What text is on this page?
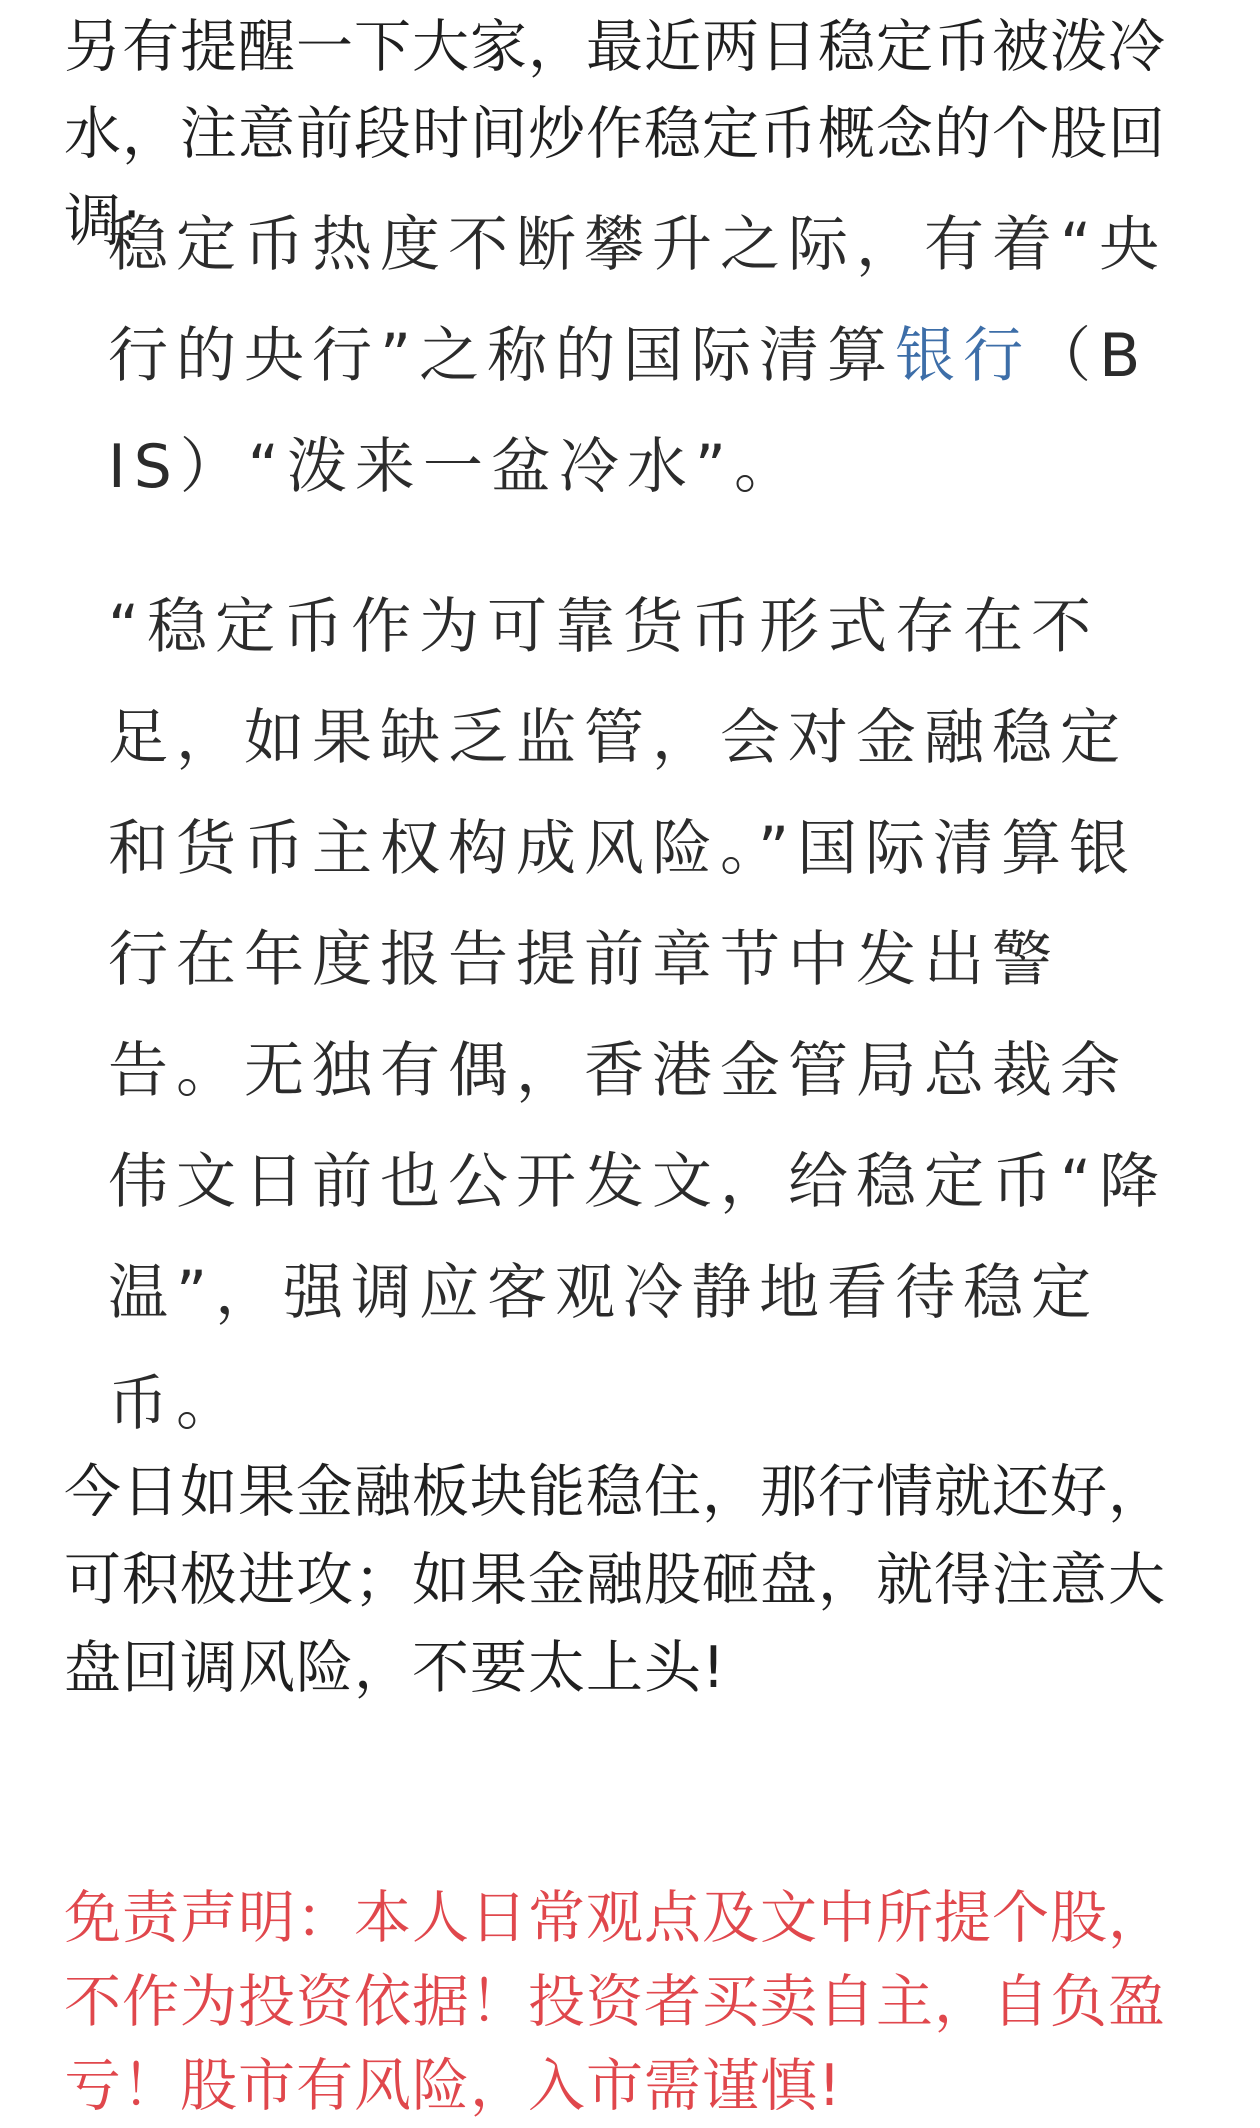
另有提醒一下大家，最近两日稳定币被泼冷水，注意前段时间炒作稳定币概念的个股回调:

稳定币热度不断攀升之际，有着“央行的央行”之称的国际清算银行（BIS）“泼来一盆冷水”。

“稳定币作为可靠货币形式存在不足，如果缺乏监管，会对金融稳定和货币主权构成风险。”国际清算银行在年度报告提前章节中发出警告。无独有偶，香港金管局总裁余伟文日前也公开发文，给稳定币“降温”，强调应客观冷静地看待稳定币。

今日如果金融板块能稳住，那行情就还好，可积极进攻；如果金融股砸盘，就得注意大盘回调风险，不要太上头!

免责声明：本人日常观点及文中所提个股，不作为投资依据！投资者买卖自主，自负盈亏！股市有风险，入市需谨慎!
